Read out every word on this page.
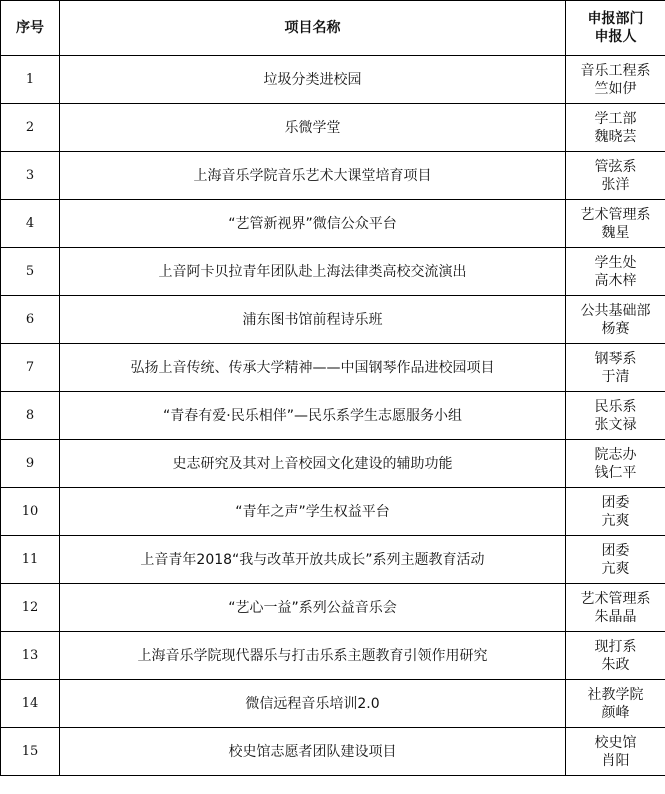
序号	项目名称	申报部门
申报人

1	垃圾分类进校园	音乐工程系
竺如伊

2	乐微学堂	学工部
魏晓芸

3	上海音乐学院音乐艺术大课堂培育项目	管弦系
张洋

4	“艺管新视界”微信公众平台	艺术管理系
魏星

5	上音阿卡贝拉青年团队赴上海法律类高校交流演出	学生处
高木梓

6	浦东图书馆前程诗乐班	公共基础部
杨赛

7	弘扬上音传统、传承大学精神——中国钢琴作品进校园项目	钢琴系
于清

8	“青春有爱·民乐相伴”—民乐系学生志愿服务小组	民乐系
张文禄

9	史志研究及其对上音校园文化建设的辅助功能	院志办
钱仁平

10	“青年之声”学生权益平台	团委
亢爽

11	上音青年2018“我与改革开放共成长”系列主题教育活动	团委
亢爽

12	“艺心一益”系列公益音乐会	艺术管理系
朱晶晶

13	上海音乐学院现代器乐与打击乐系主题教育引领作用研究	现打系
朱政

14	微信远程音乐培训2.0	社教学院
颜峰

15	校史馆志愿者团队建设项目	校史馆
肖阳
